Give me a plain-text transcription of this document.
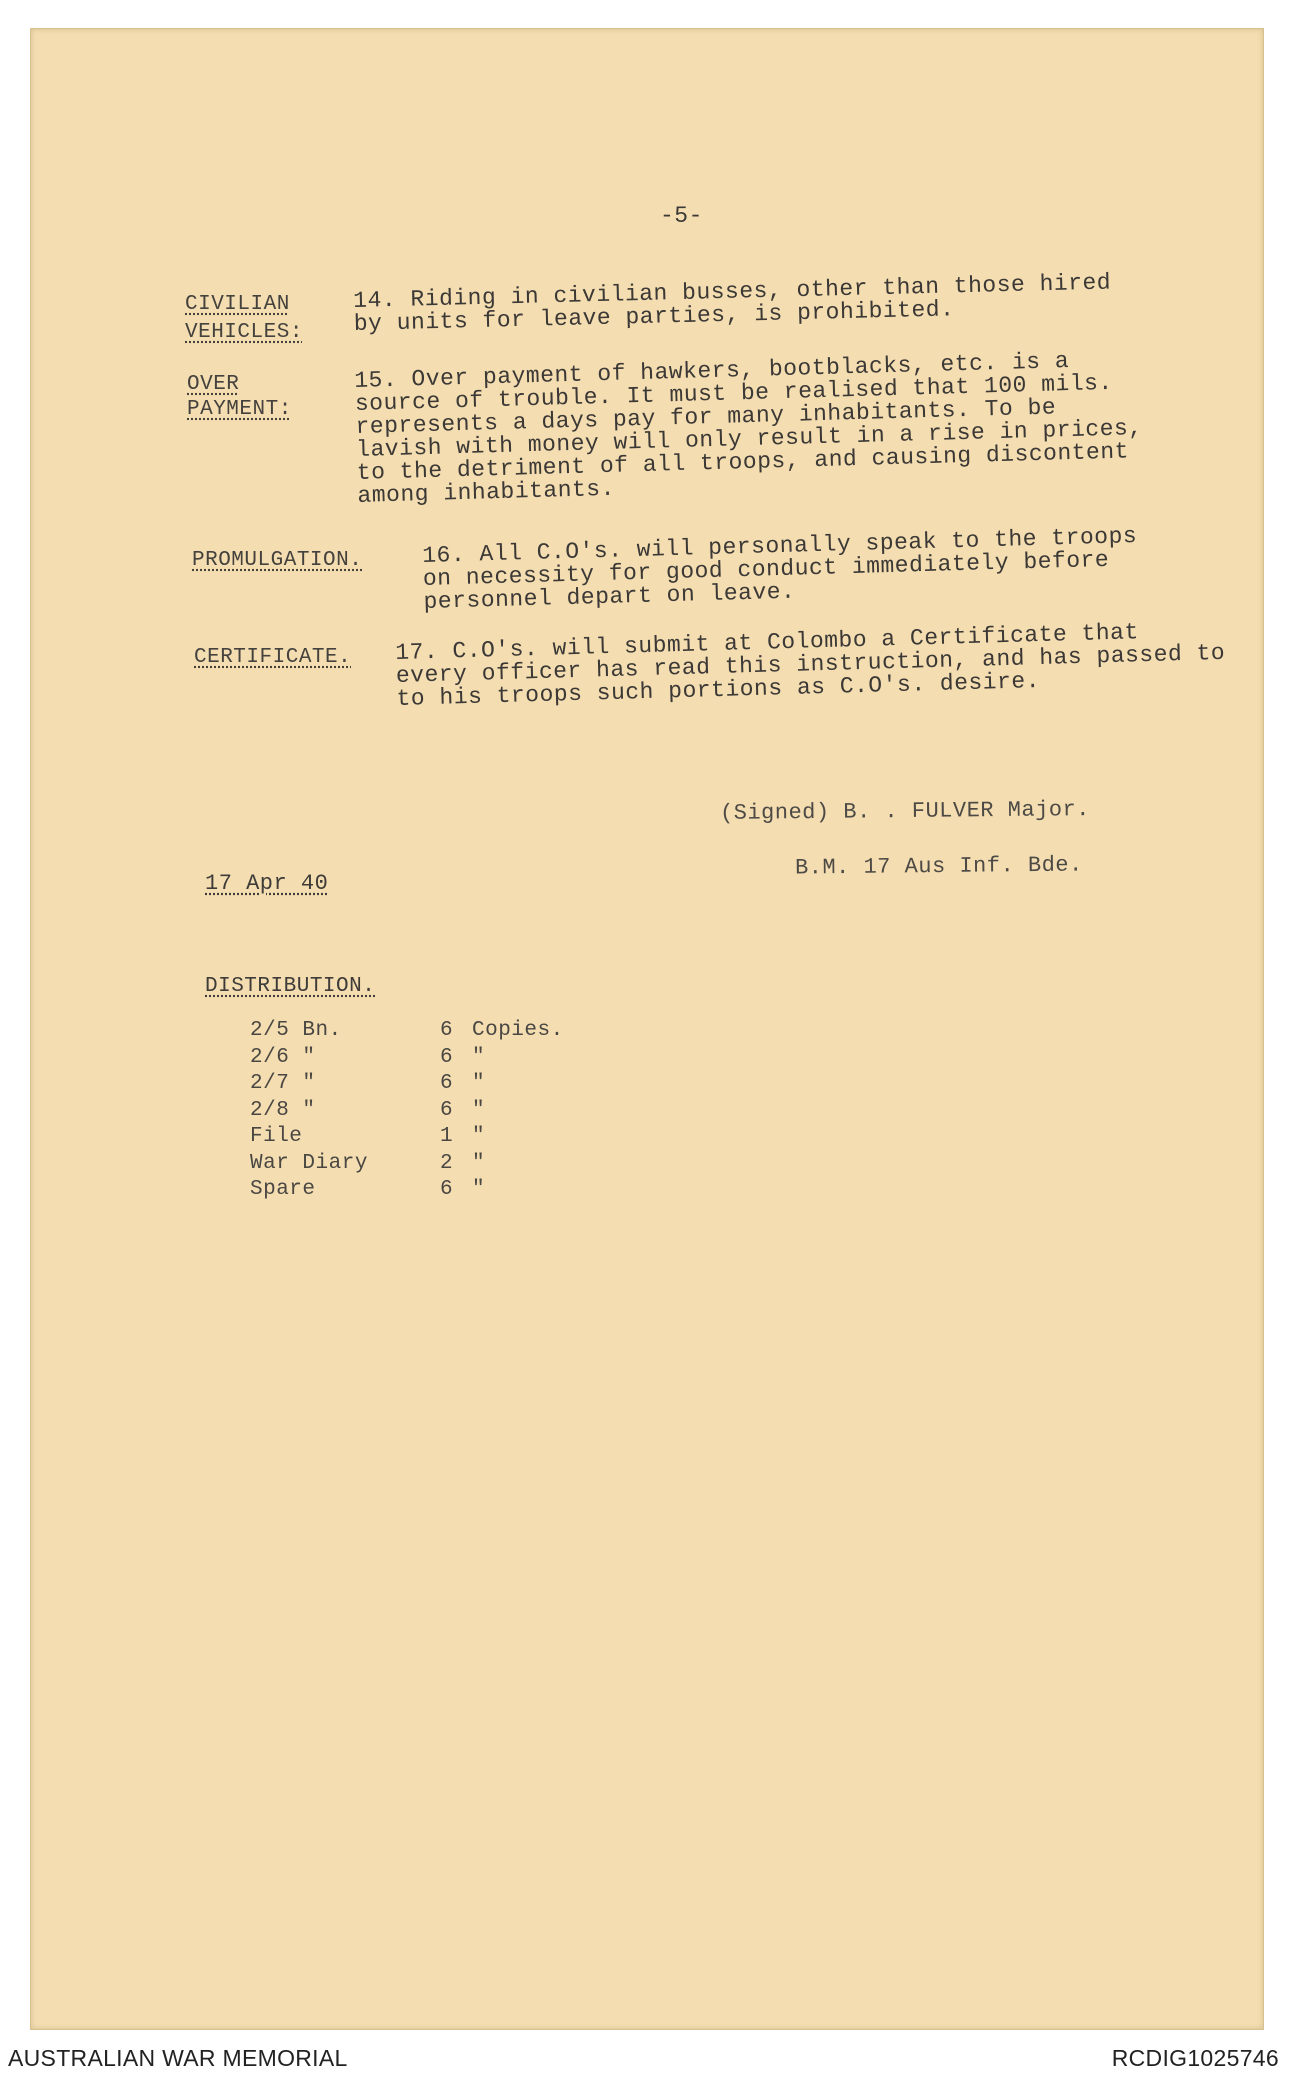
-5-
CIVILIAN
VEHICLES:
14. Riding in civilian busses, other than those hired
by units for leave parties, is prohibited.
OVER
PAYMENT:
15. Over payment of hawkers, bootblacks, etc. is a
source of trouble. It must be realised that 100 mils.
represents a days pay for many inhabitants. To be
lavish with money will only result in a rise in prices,
to the detriment of all troops, and causing discontent
among inhabitants.
PROMULGATION.	16. All C.O's. will personally speak to the troops
on necessity for good conduct immediately before
personnel depart on leave.
CERTIFICATE. 17. C.O's. will submit at Colombo a Certificate that
every officer has read this instruction, and has passed to
to his troops such portions as C.O's. desire.
(Signed) B. . FULVER Major.
B.M. 17 Aus Inf. Bde.
17 Apr 40
DISTRIBUTION.
2/5 Bn.	6 Copies.
2/6 "	6 "
2/7 "	6 "
2/8 "	6 "
File	1 "
War Diary	2 "
Spare	6 "
AUSTRALIAN WAR MEMORIAL	RCDIG1025746
